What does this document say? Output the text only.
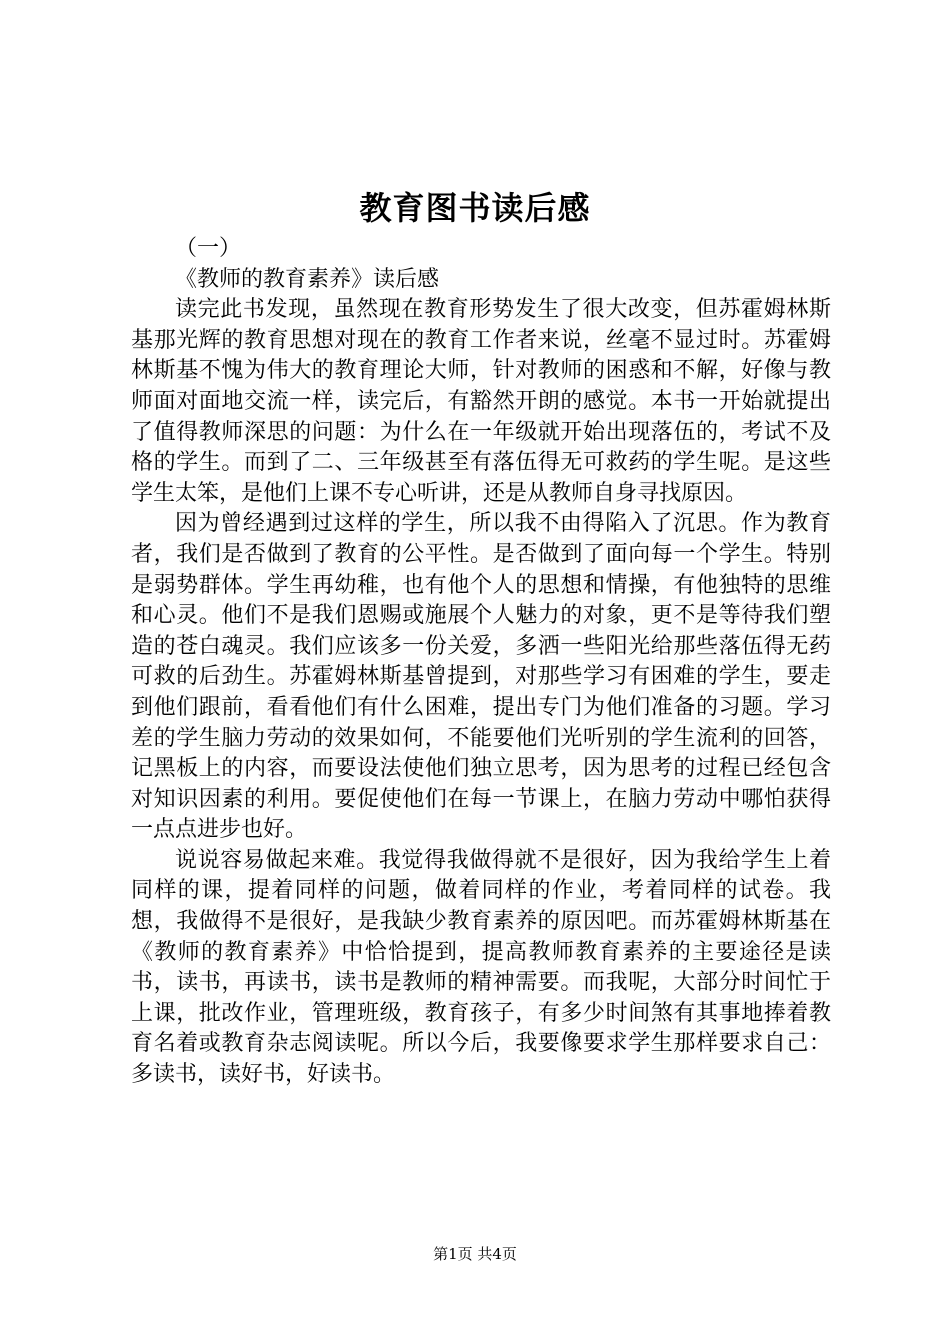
教育图书读后感

（一）

《教师的教育素养》读后感

读完此书发现，虽然现在教育形势发生了很大改变，但苏霍姆林斯基那光辉的教育思想对现在的教育工作者来说，丝毫不显过时。苏霍姆林斯基不愧为伟大的教育理论大师，针对教师的困惑和不解，好像与教师面对面地交流一样，读完后，有豁然开朗的感觉。本书一开始就提出了值得教师深思的问题：为什么在一年级就开始出现落伍的，考试不及格的学生。而到了二、三年级甚至有落伍得无可救药的学生呢。是这些学生太笨，是他们上课不专心听讲，还是从教师自身寻找原因。

因为曾经遇到过这样的学生，所以我不由得陷入了沉思。作为教育者，我们是否做到了教育的公平性。是否做到了面向每一个学生。特别是弱势群体。学生再幼稚，也有他个人的思想和情操，有他独特的思维和心灵。他们不是我们恩赐或施展个人魅力的对象，更不是等待我们塑造的苍白魂灵。我们应该多一份关爱，多洒一些阳光给那些落伍得无药可救的后劲生。苏霍姆林斯基曾提到，对那些学习有困难的学生，要走到他们跟前，看看他们有什么困难，提出专门为他们准备的习题。学习差的学生脑力劳动的效果如何，不能要他们光听别的学生流利的回答，记黑板上的内容，而要设法使他们独立思考，因为思考的过程已经包含对知识因素的利用。要促使他们在每一节课上，在脑力劳动中哪怕获得一点点进步也好。

说说容易做起来难。我觉得我做得就不是很好，因为我给学生上着同样的课，提着同样的问题，做着同样的作业，考着同样的试卷。我想，我做得不是很好，是我缺少教育素养的原因吧。而苏霍姆林斯基在《教师的教育素养》中恰恰提到，提高教师教育素养的主要途径是读书，读书，再读书，读书是教师的精神需要。而我呢，大部分时间忙于上课，批改作业，管理班级，教育孩子，有多少时间煞有其事地捧着教育名着或教育杂志阅读呢。所以今后，我要像要求学生那样要求自己：多读书，读好书，好读书。

第1页 共4页
